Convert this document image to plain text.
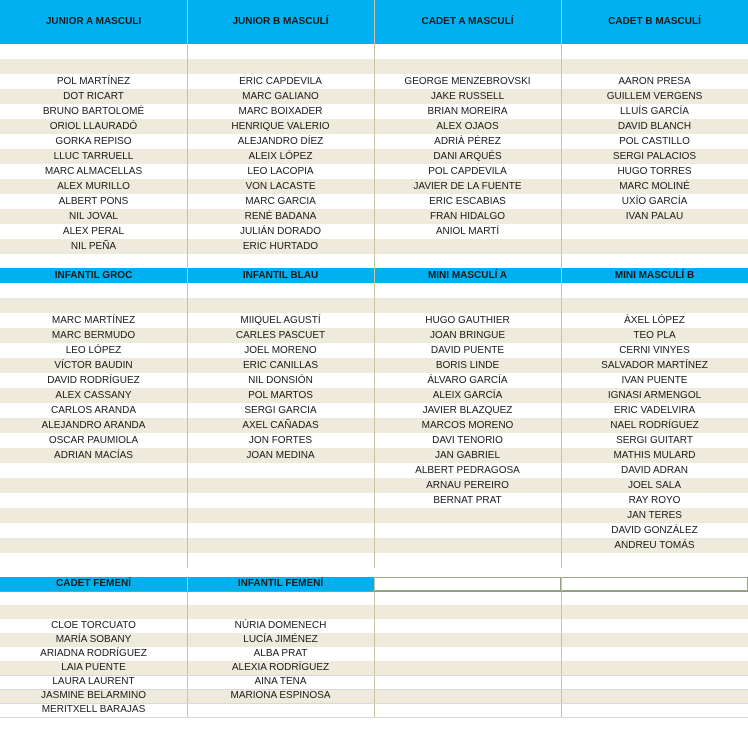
JUNIOR A MASCULI
POL MARTÍNEZ
DOT RICART
BRUNO BARTOLOMÉ
ORIOL LLAURADÓ
GORKA REPISO
LLUC TARRUELL
MARC ALMACELLAS
ALEX MURILLO
ALBERT PONS
NIL JOVAL
ALEX PERAL
NIL PEÑA
JUNIOR B MASCULÍ
ERIC CAPDEVILA
MARC GALIANO
MARC BOIXADER
HENRIQUE VALERIO
ALEJANDRO DÍEZ
ALEIX LÓPEZ
LEO LACOPIA
VON LACASTE
MARC GARCIA
RENÉ BADANA
JULIÁN DORADO
ERIC HURTADO
CADET A MASCULÍ
GEORGE MENZEBROVSKI
JAKE RUSSELL
BRIAN MOREIRA
ALEX OJAOS
ADRIÀ PÉREZ
DANI ARQUÉS
POL CAPDEVILA
JAVIER DE LA FUENTE
ERIC ESCABIAS
FRAN HIDALGO
ANIOL MARTÍ
CADET B MASCULÍ
AARON PRESA
GUILLEM VERGENS
LLUÍS GARCÍA
DAVID BLANCH
POL CASTILLO
SERGI PALACIOS
HUGO TORRES
MARC MOLINÉ
UXÍO GARCÍA
IVAN PALAU
INFANTIL GROC
MARC MARTÍNEZ
MARC BERMUDO
LEO LÓPEZ
VÍCTOR BAUDIN
DAVID RODRÍGUEZ
ALEX CASSANY
CARLOS ARANDA
ALEJANDRO ARANDA
OSCAR PAUMIOLA
ADRIAN MACÍAS
INFANTIL BLAU
MIIQUEL AGUSTÍ
CARLES PASCUET
JOEL MORENO
ERIC CANILLAS
NIL DONSIÓN
POL MARTOS
SERGI GARCIA
AXEL CAÑADAS
JON FORTES
JOAN MEDINA
MINI MASCULÍ A
HUGO GAUTHIER
JOAN BRINGUE
DAVID PUENTE
BORIS LINDE
ÁLVARO GARCÍA
ALEIX GARCÍA
JAVIER BLAZQUEZ
MARCOS MORENO
DAVI TENORIO
JAN GABRIEL
ALBERT PEDRAGOSA
ARNAU PEREIRO
BERNAT PRAT
MINI MASCULÍ B
ÀXEL LÓPEZ
TEO PLA
CERNI VINYES
SALVADOR MARTÍNEZ
IVAN PUENTE
IGNASI ARMENGOL
ERIC VADELVIRA
NAEL RODRÍGUEZ
SERGI GUITART
MATHIS MULARD
DAVID ADRAN
JOEL SALA
RAY ROYO
JAN TERES
DAVID GONZÁLEZ
ANDREU TOMÁS
CADET FEMENÍ
CLOE TORCUATO
MARÍA SOBANY
ARIADNA RODRÍGUEZ
LAIA PUENTE
LAURA LAURENT
JASMINE BELARMINO
MERITXELL BARAJAS
INFANTIL FEMENÍ
NÚRIA DOMENECH
LUCÍA JIMÉNEZ
ALBA PRAT
ALEXIA RODRÍGUEZ
AINA TENA
MARIONA ESPINOSA
